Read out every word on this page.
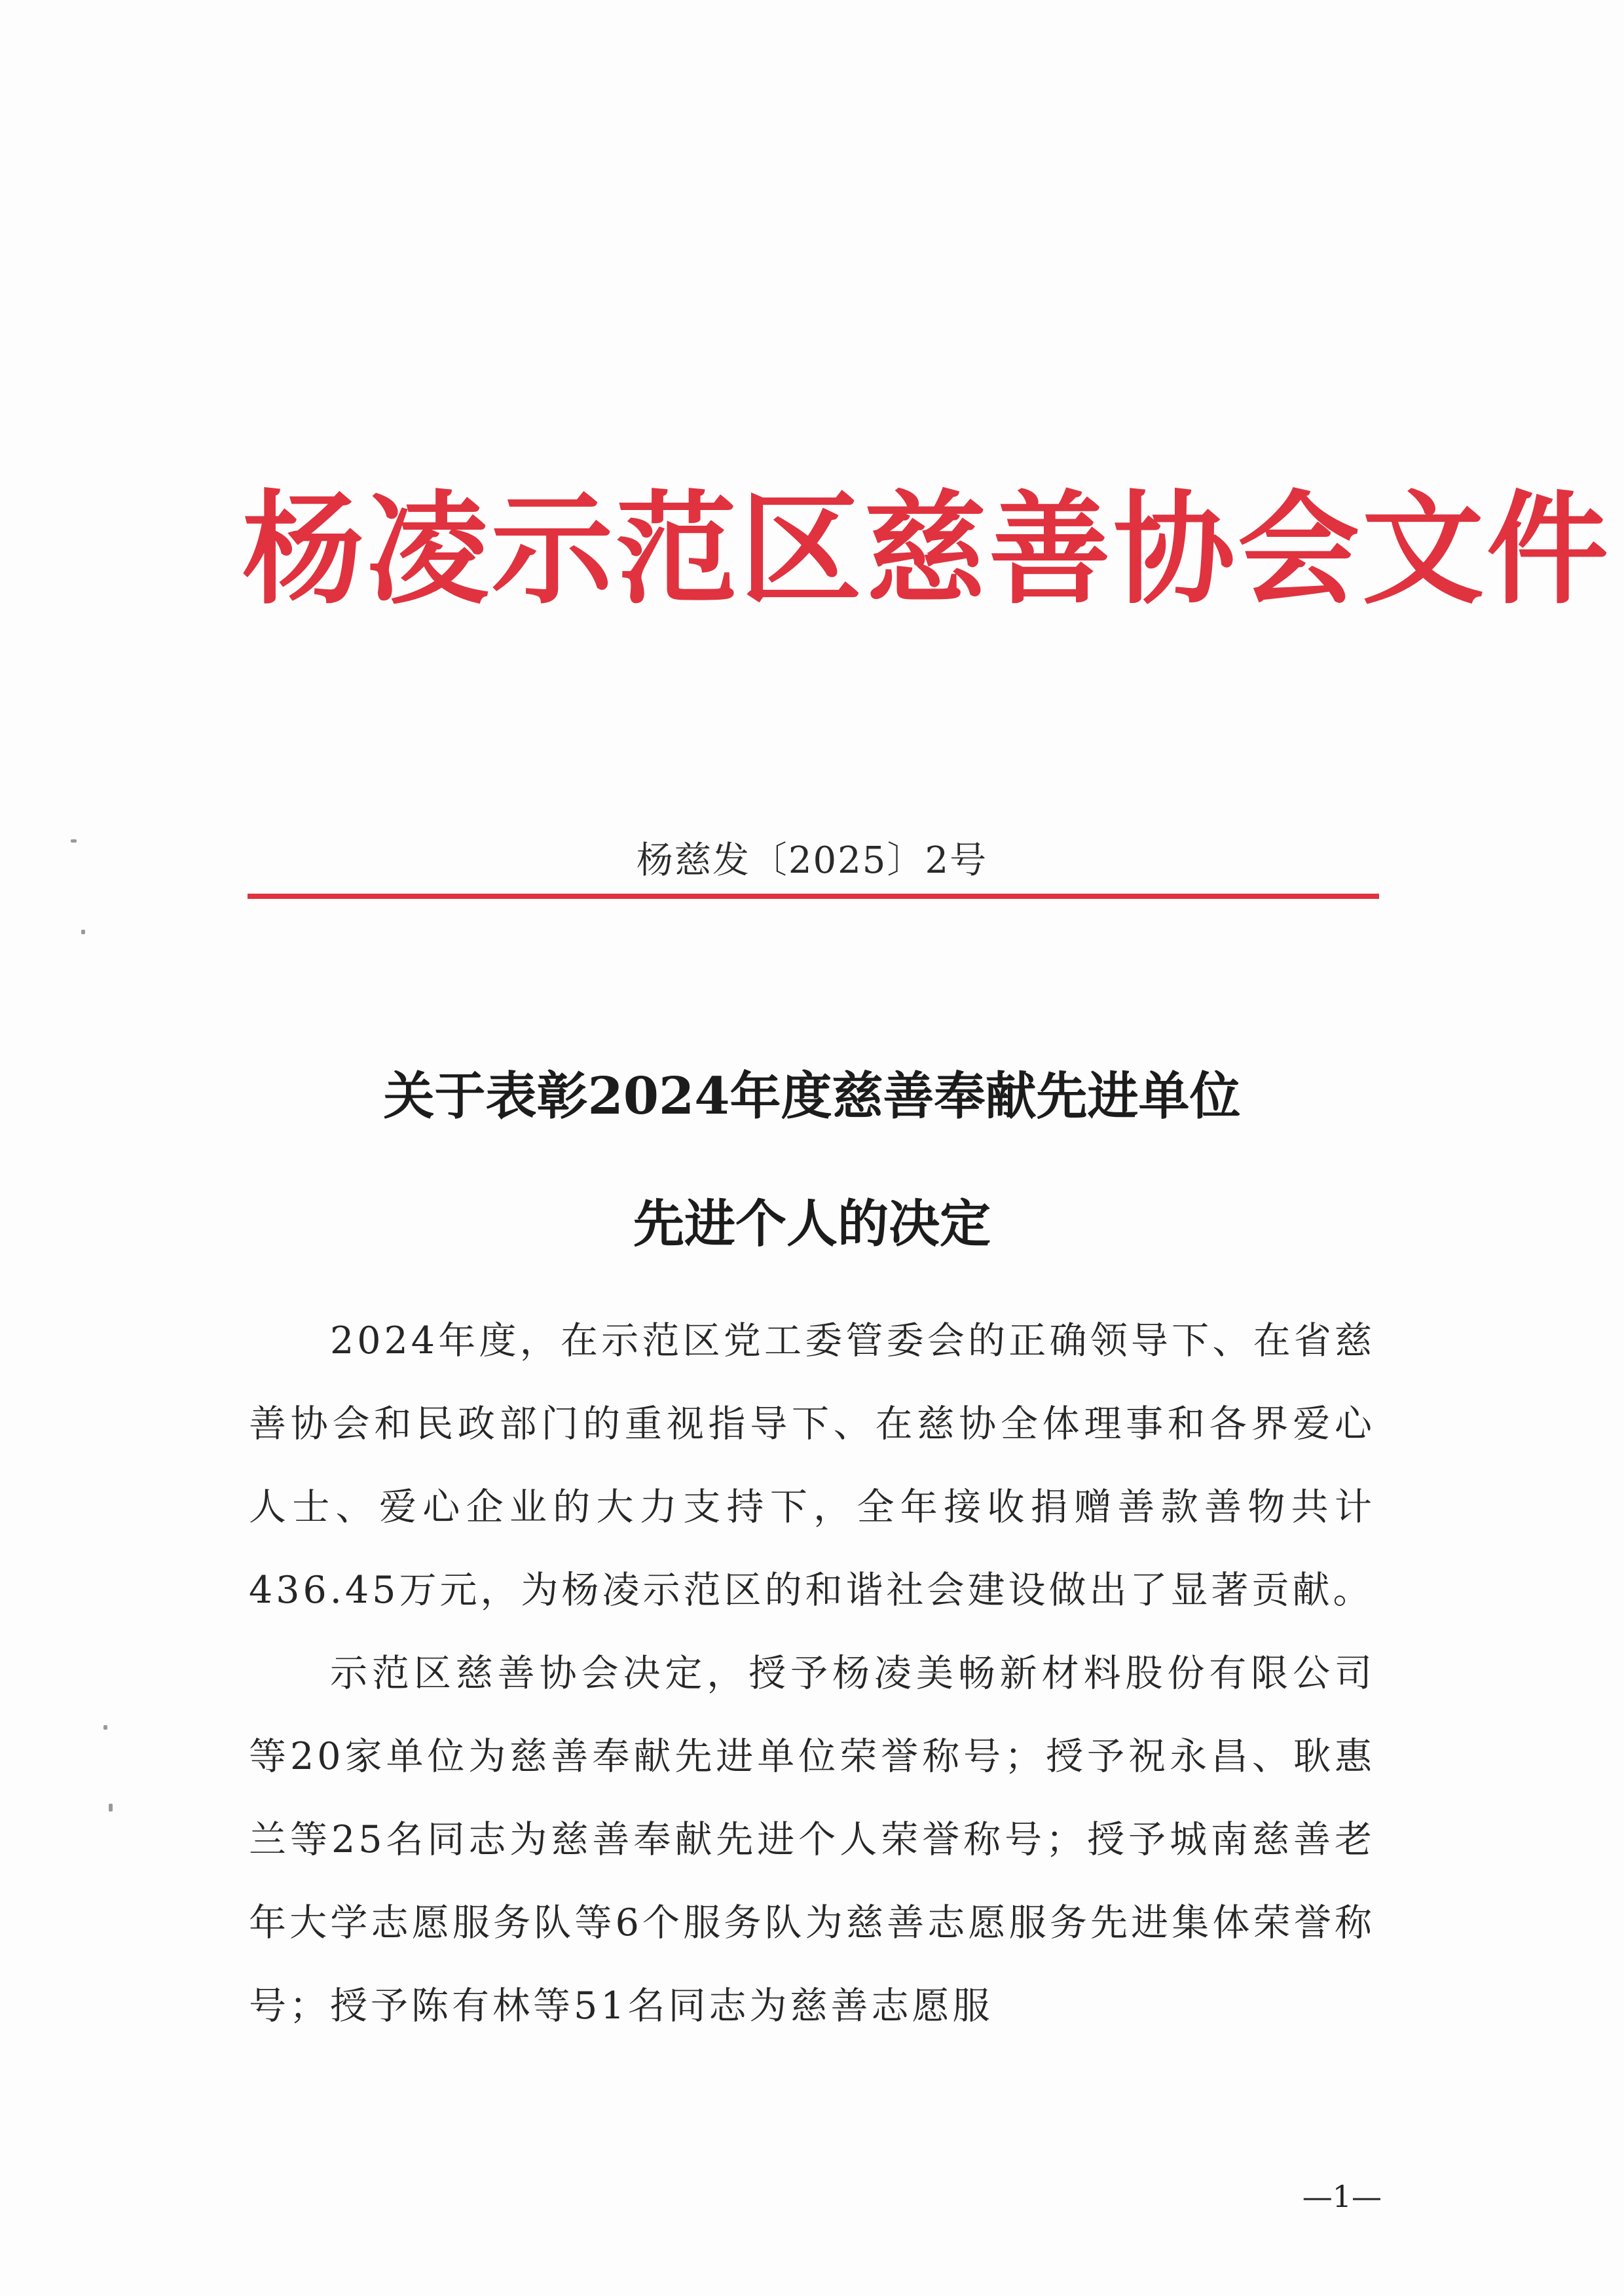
杨凌示范区慈善协会文件
杨慈发〔2025〕2号
关于表彰2024年度慈善奉献先进单位
先进个人的决定

2024年度，在示范区党工委管委会的正确领导下、在省慈善协会和民政部门的重视指导下、在慈协全体理事和各界爱心人士、爱心企业的大力支持下，全年接收捐赠善款善物共计436.45万元，为杨凌示范区的和谐社会建设做出了显著贡献。

示范区慈善协会决定，授予杨凌美畅新材料股份有限公司等20家单位为慈善奉献先进单位荣誉称号；授予祝永昌、耿惠兰等25名同志为慈善奉献先进个人荣誉称号；授予城南慈善老年大学志愿服务队等6个服务队为慈善志愿服务先进集体荣誉称号；授予陈有林等51名同志为慈善志愿服

—1—
